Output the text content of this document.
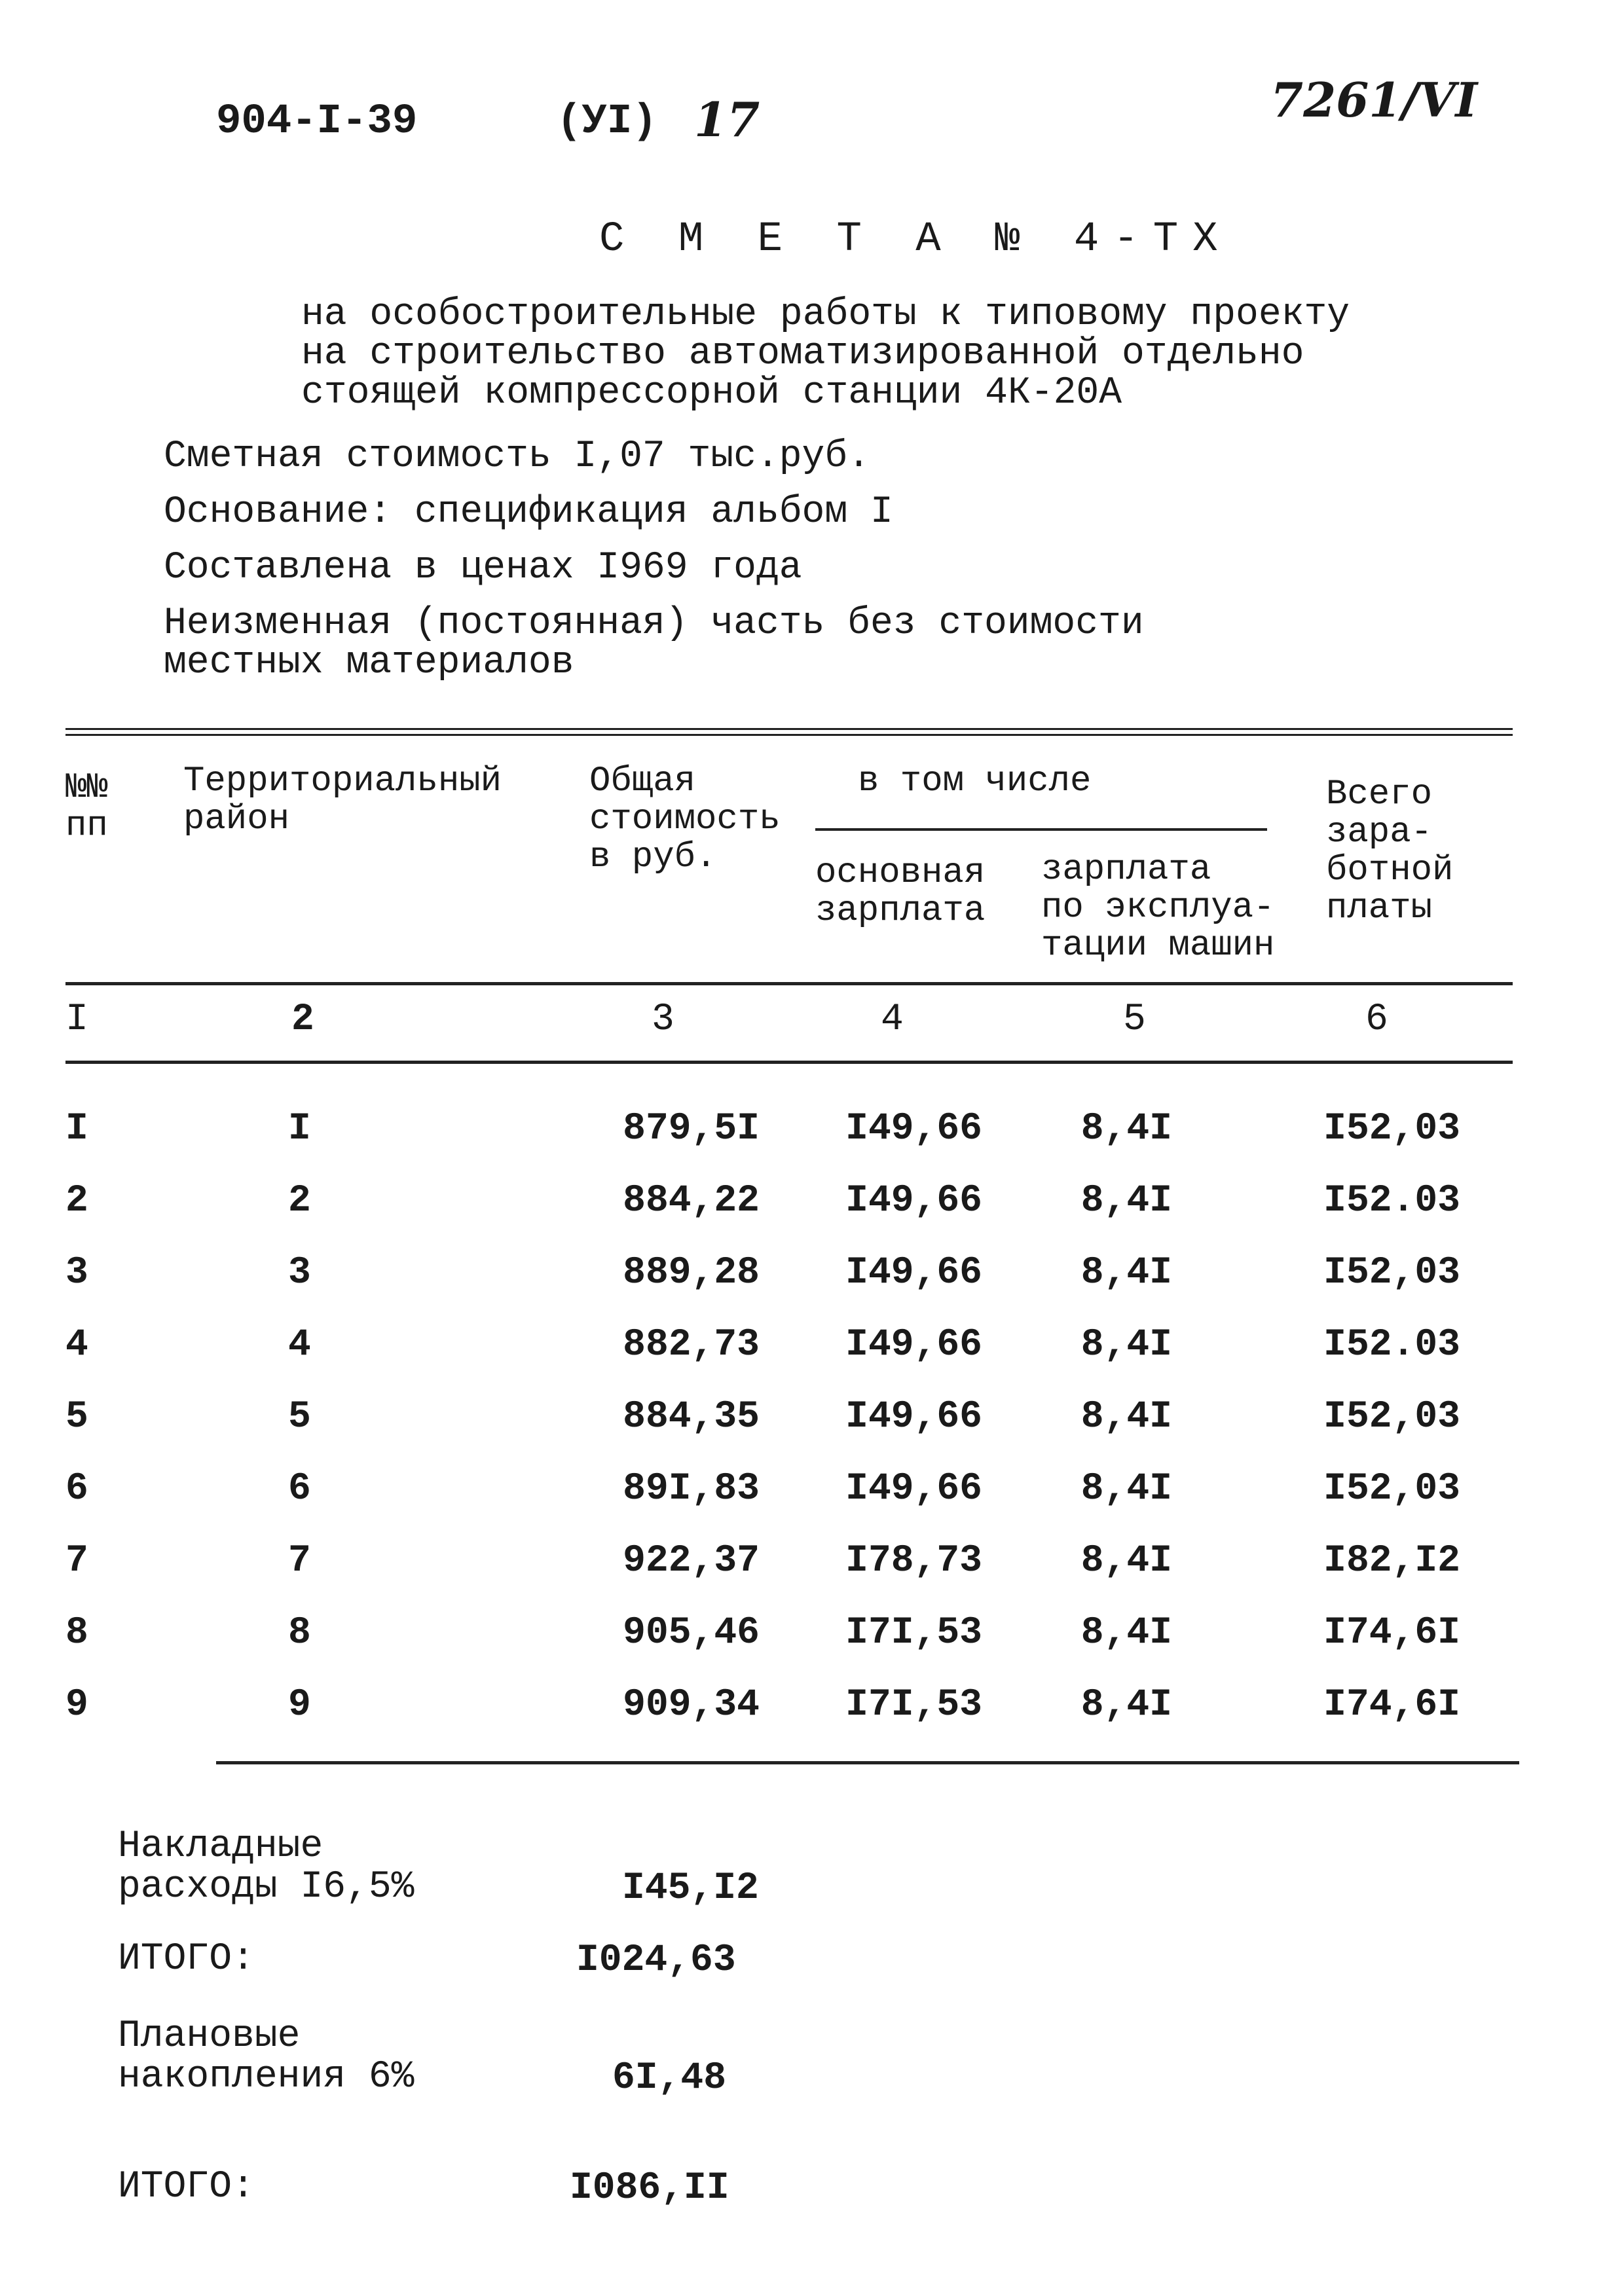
904-I-39	(УI) 17	7261/VI
С М Е Т А № 4-ТХ
на особостроительные работы к типовому проекту
на строительство автоматизированной отдельно
стоящей компрессорной станции 4К-20А
Сметная стоимость I,07 тыс.руб.
Основание: спецификация альбом I
Составлена в ценах I969 года
Неизменная (постоянная) часть без стоимости
местных материалов
№№
пп
Территориальный
район
Общая
стоимость
в руб.
в том числе
основная
зарплата
зарплата
по эксплуа-
тации машин
Всего
зара-
ботной
платы
I	2	3	4	5	6
I	I	879,5I	I49,66	8,4I	I52,03
2	2	884,22	I49,66	8,4I	I52.03
3	3	889,28	I49,66	8,4I	I52,03
4	4	882,73	I49,66	8,4I	I52.03
5	5	884,35	I49,66	8,4I	I52,03
6	6	89I,83	I49,66	8,4I	I52,03
7	7	922,37	I78,73	8,4I	I82,I2
8	8	905,46	I7I,53	8,4I	I74,6I
9	9	909,34	I7I,53	8,4I	I74,6I
Накладные
расходы I6,5%	I45,I2
ИТОГО:	I024,63
Плановые
накопления 6%	6I,48
ИТОГО:	I086,II
